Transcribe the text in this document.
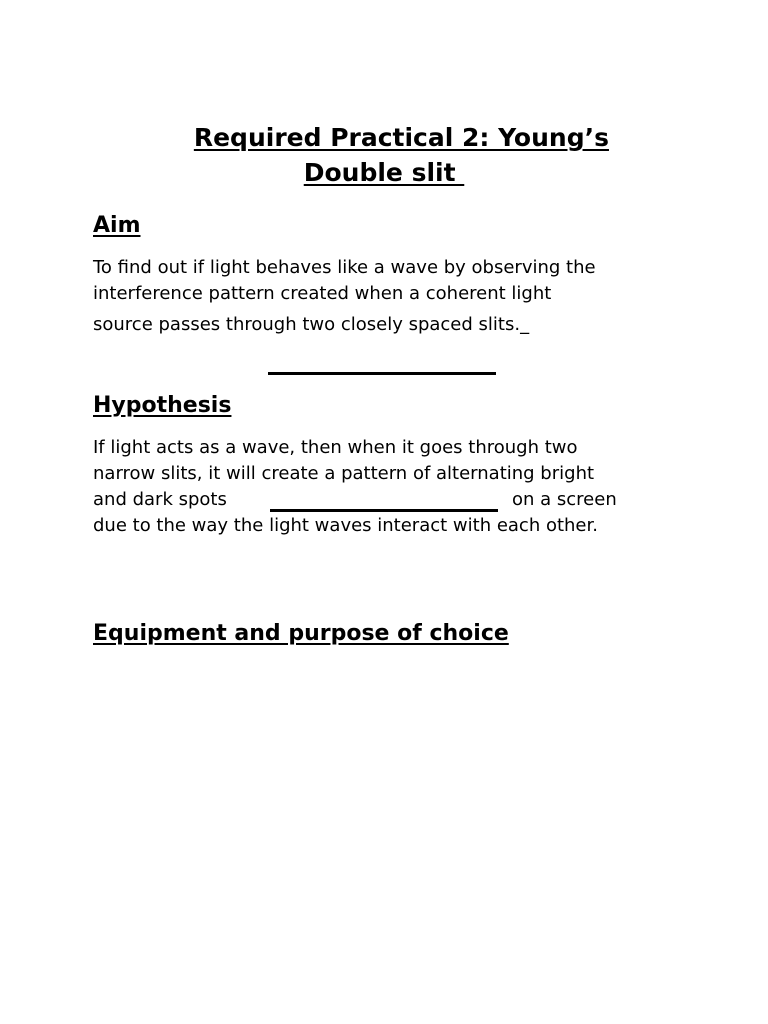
Required Practical 2: Young’s
Double slit

Aim
To find out if light behaves like a wave by observing the
interference pattern created when a coherent light
source passes through two closely spaced slits._
Hypothesis
If light acts as a wave, then when it goes through two
narrow slits, it will create a pattern of alternating bright
and dark spots	on a screen
due to the way the light waves interact with each other.
Equipment and purpose of choice
